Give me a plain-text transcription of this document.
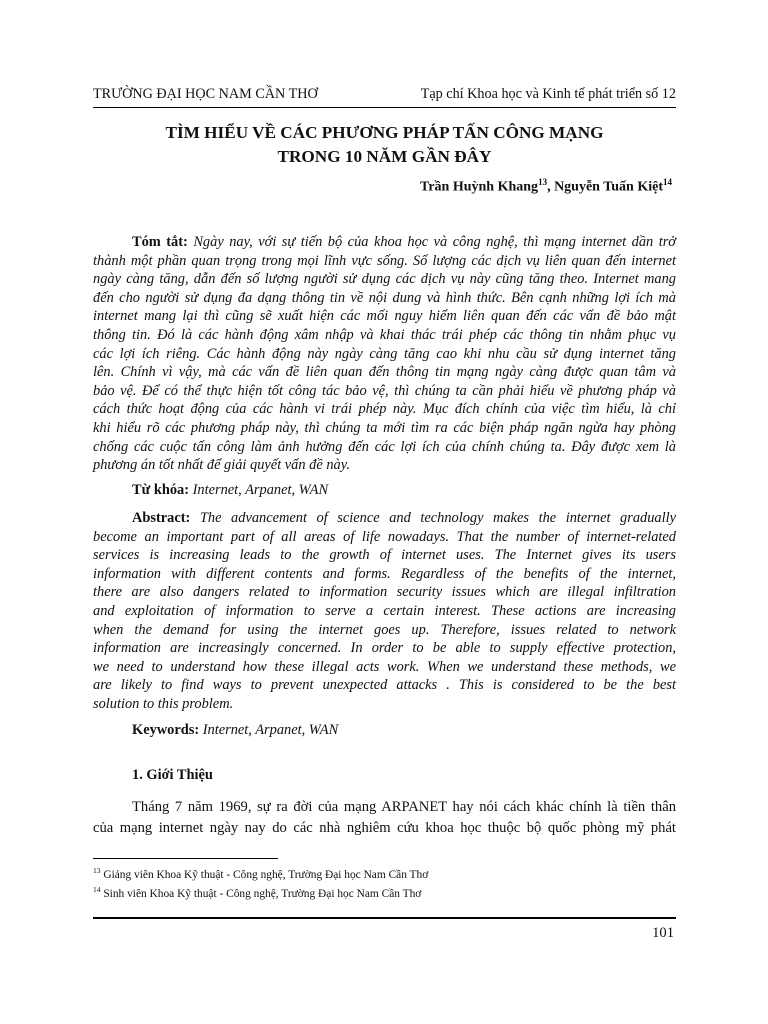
TRƯỜNG ĐẠI HỌC NAM CẦN THƠ	Tạp chí Khoa học và Kinh tế phát triển số 12
TÌM HIỂU VỀ CÁC PHƯƠNG PHÁP TẤN CÔNG MẠNG
TRONG 10 NĂM GẦN ĐÂY
Trần Huỳnh Khang$^{13}$, Nguyễn Tuấn Kiệt$^{14}$
Tóm tắt: Ngày nay, với sự tiến bộ của khoa học và công nghệ, thì mạng internet dần trở
thành một phần quan trọng trong mọi lĩnh vực sống. Số lượng các dịch vụ liên quan đến internet
ngày càng tăng, dẫn đến số lượng người sử dụng các dịch vụ này cũng tăng theo. Internet mang
đến cho người sử dụng đa dạng thông tin về nội dung và hình thức. Bên cạnh những lợi ích mà
internet mang lại thì cũng sẽ xuất hiện các mối nguy hiểm liên quan đến các vấn đề bảo mật
thông tin. Đó là các hành động xâm nhập và khai thác trái phép các thông tin nhằm phục vụ
các lợi ích riêng. Các hành động này ngày càng tăng cao khi nhu cầu sử dụng internet tăng
lên. Chính vì vậy, mà các vấn đề liên quan đến thông tin mạng ngày càng được quan tâm và
bảo vệ. Để có thể thực hiện tốt công tác bảo vệ, thì chúng ta cần phải hiểu về phương pháp và
cách thức hoạt động của các hành vi trái phép này. Mục đích chính của việc tìm hiểu, là chỉ
khi hiểu rõ các phương pháp này, thì chúng ta mới tìm ra các biện pháp ngăn ngừa hay phòng
chống các cuộc tấn công làm ảnh hưởng đến các lợi ích của chính chúng ta. Đây được xem là
phương án tốt nhất để giải quyết vấn đề này.
Từ khóa: Internet, Arpanet, WAN
Abstract: The advancement of science and technology makes the internet gradually
become an important part of all areas of life nowadays. That the number of internet-related
services is increasing leads to the growth of internet uses. The Internet gives its users
information with different contents and forms. Regardless of the benefits of the internet,
there are also dangers related to information security issues which are illegal infiltration
and exploitation of information to serve a certain interest. These actions are increasing
when the demand for using the internet goes up. Therefore, issues related to network
information are increasingly concerned. In order to be able to supply effective protection,
we need to understand how these illegal acts work. When we understand these methods, we
are likely to find ways to prevent unexpected attacks . This is considered to be the best
solution to this problem.
Keywords: Internet, Arpanet, WAN
1. Giới Thiệu
Tháng 7 năm 1969, sự ra đời của mạng ARPANET hay nói cách khác chính là tiền thân
của mạng internet ngày nay do các nhà nghiêm cứu khoa học thuộc bộ quốc phòng mỹ phát
$^{13}$ Giảng viên Khoa Kỹ thuật - Công nghệ, Trường Đại học Nam Cần Thơ
$^{14}$ Sinh viên Khoa Kỹ thuật - Công nghệ, Trường Đại học Nam Cần Thơ
101
